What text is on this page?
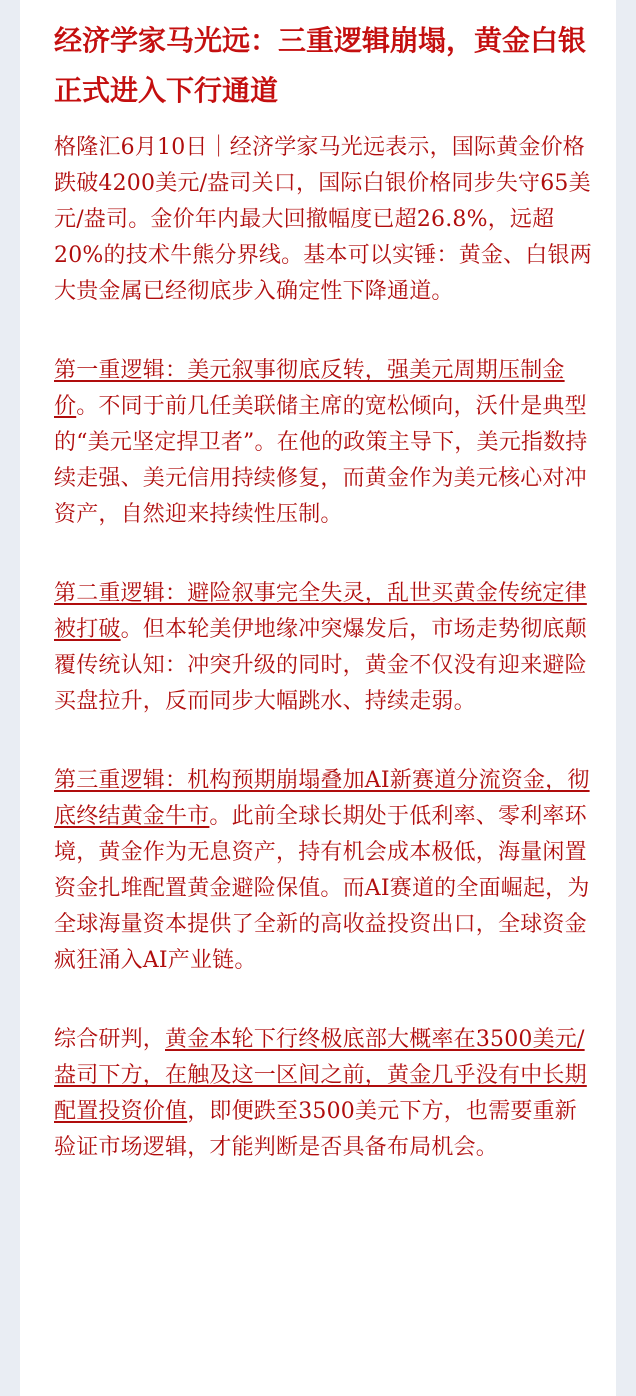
经济学家马光远：三重逻辑崩塌，黄金白银正式进入下行通道
格隆汇6月10日｜经济学家马光远表示，国际黄金价格跌破4200美元/盎司关口，国际白银价格同步失守65美元/盎司。金价年内最大回撤幅度已超26.8%，远超20%的技术牛熊分界线。基本可以实锤：黄金、白银两大贵金属已经彻底步入确定性下降通道。
第一重逻辑：美元叙事彻底反转，强美元周期压制金价。不同于前几任美联储主席的宽松倾向，沃什是典型的“美元坚定捍卫者”。在他的政策主导下，美元指数持续走强、美元信用持续修复，而黄金作为美元核心对冲资产，自然迎来持续性压制。
第二重逻辑：避险叙事完全失灵，乱世买黄金传统定律被打破。但本轮美伊地缘冲突爆发后，市场走势彻底颠覆传统认知：冲突升级的同时，黄金不仅没有迎来避险买盘拉升，反而同步大幅跳水、持续走弱。
第三重逻辑：机构预期崩塌叠加AI新赛道分流资金，彻底终结黄金牛市。此前全球长期处于低利率、零利率环境，黄金作为无息资产，持有机会成本极低，海量闲置资金扎堆配置黄金避险保值。而AI赛道的全面崛起，为全球海量资本提供了全新的高收益投资出口，全球资金疯狂涌入AI产业链。
综合研判，黄金本轮下行终极底部大概率在3500美元/盎司下方，在触及这一区间之前，黄金几乎没有中长期配置投资价值，即便跌至3500美元下方，也需要重新验证市场逻辑，才能判断是否具备布局机会。
